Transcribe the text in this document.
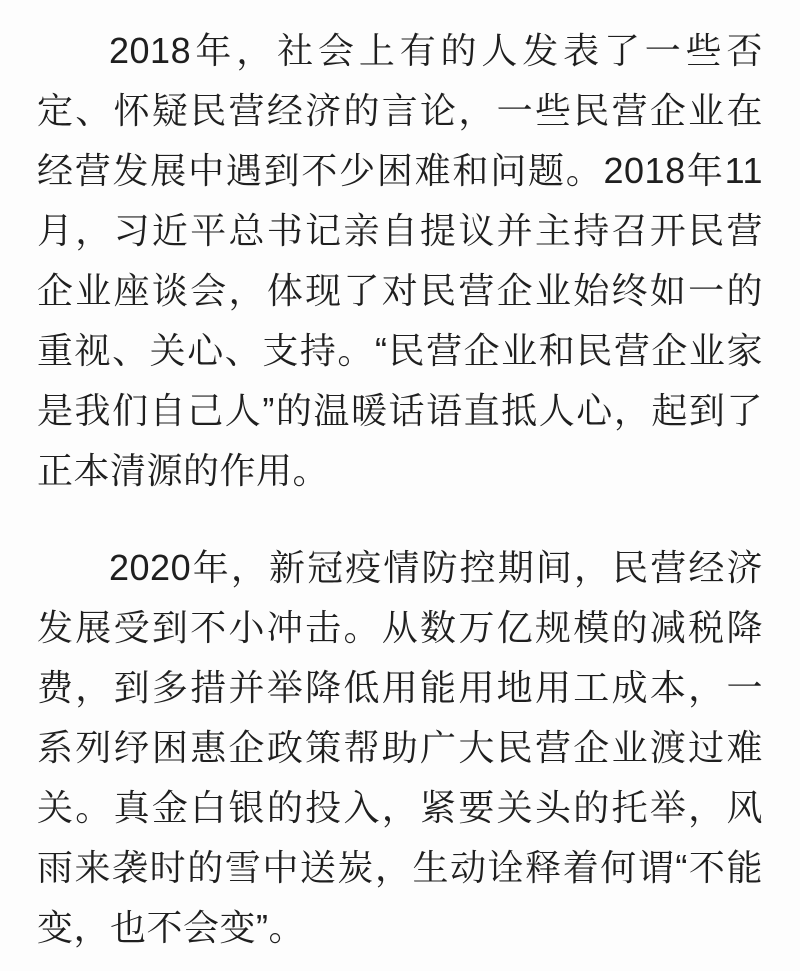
2018年，社会上有的人发表了一些否定、怀疑民营经济的言论，一些民营企业在经营发展中遇到不少困难和问题。2018年11月，习近平总书记亲自提议并主持召开民营企业座谈会，体现了对民营企业始终如一的重视、关心、支持。“民营企业和民营企业家是我们自己人”的温暖话语直抵人心，起到了正本清源的作用。

2020年，新冠疫情防控期间，民营经济发展受到不小冲击。从数万亿规模的减税降费，到多措并举降低用能用地用工成本，一系列纾困惠企政策帮助广大民营企业渡过难关。真金白银的投入，紧要关头的托举，风雨来袭时的雪中送炭，生动诠释着何谓“不能变，也不会变”。
